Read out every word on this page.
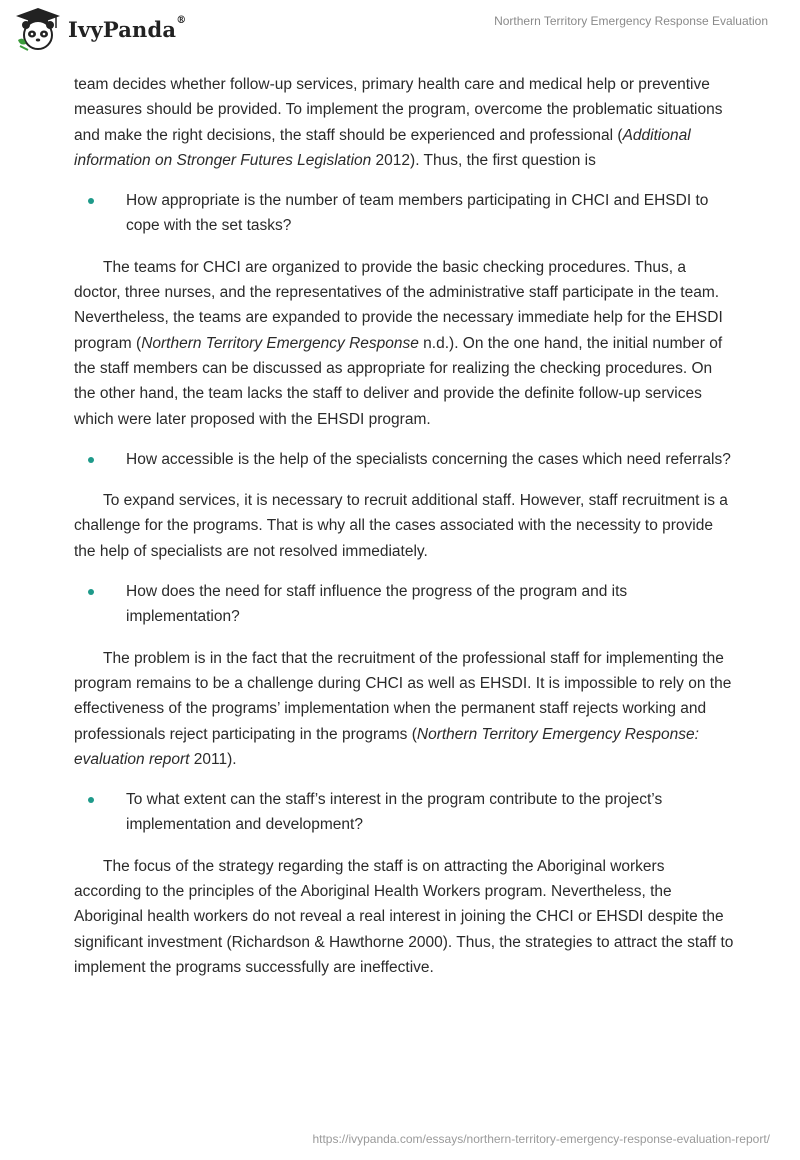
IvyPanda®	Northern Territory Emergency Response Evaluation

team decides whether follow-up services, primary health care and medical help or preventive measures should be provided. To implement the program, overcome the problematic situations and make the right decisions, the staff should be experienced and professional (Additional information on Stronger Futures Legislation 2012). Thus, the first question is

How appropriate is the number of team members participating in CHCI and EHSDI to cope with the set tasks?

The teams for CHCI are organized to provide the basic checking procedures. Thus, a doctor, three nurses, and the representatives of the administrative staff participate in the team. Nevertheless, the teams are expanded to provide the necessary immediate help for the EHSDI program (Northern Territory Emergency Response n.d.). On the one hand, the initial number of the staff members can be discussed as appropriate for realizing the checking procedures. On the other hand, the team lacks the staff to deliver and provide the definite follow-up services which were later proposed with the EHSDI program.

How accessible is the help of the specialists concerning the cases which need referrals?

To expand services, it is necessary to recruit additional staff. However, staff recruitment is a challenge for the programs. That is why all the cases associated with the necessity to provide the help of specialists are not resolved immediately.

How does the need for staff influence the progress of the program and its implementation?

The problem is in the fact that the recruitment of the professional staff for implementing the program remains to be a challenge during CHCI as well as EHSDI. It is impossible to rely on the effectiveness of the programs’ implementation when the permanent staff rejects working and professionals reject participating in the programs (Northern Territory Emergency Response: evaluation report 2011).

To what extent can the staff’s interest in the program contribute to the project’s implementation and development?

The focus of the strategy regarding the staff is on attracting the Aboriginal workers according to the principles of the Aboriginal Health Workers program. Nevertheless, the Aboriginal health workers do not reveal a real interest in joining the CHCI or EHSDI despite the significant investment (Richardson & Hawthorne 2000). Thus, the strategies to attract the staff to implement the programs successfully are ineffective.

https://ivypanda.com/essays/northern-territory-emergency-response-evaluation-report/
